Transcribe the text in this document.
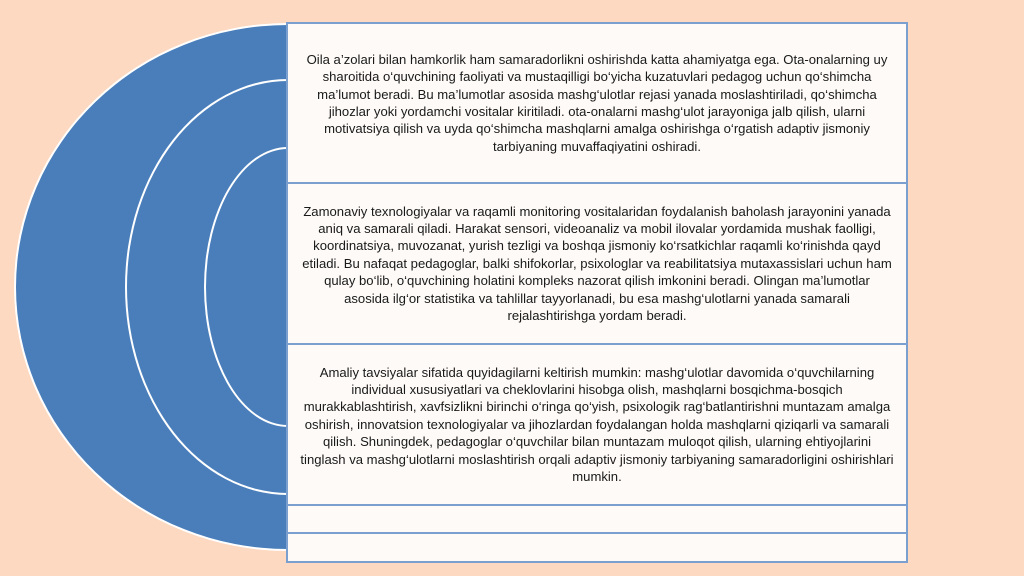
Oila a’zolari bilan hamkorlik ham samaradorlikni oshirishda katta ahamiyatga ega. Ota-onalarning uy sharoitida o‘quvchining faoliyati va mustaqilligi bo‘yicha kuzatuvlari pedagog uchun qo‘shimcha ma’lumot beradi. Bu ma’lumotlar asosida mashg‘ulotlar rejasi yanada moslashtiriladi, qo‘shimcha jihozlar yoki yordamchi vositalar kiritiladi. ota-onalarni mashg‘ulot jarayoniga jalb qilish, ularni motivatsiya qilish va uyda qo‘shimcha mashqlarni amalga oshirishga o‘rgatish adaptiv jismoniy tarbiyaning muvaffaqiyatini oshiradi.

Zamonaviy texnologiyalar va raqamli monitoring vositalaridan foydalanish baholash jarayonini yanada aniq va samarali qiladi. Harakat sensori, videoanaliz va mobil ilovalar yordamida mushak faolligi, koordinatsiya, muvozanat, yurish tezligi va boshqa jismoniy ko‘rsatkichlar raqamli ko‘rinishda qayd etiladi. Bu nafaqat pedagoglar, balki shifokorlar, psixologlar va reabilitatsiya mutaxassislari uchun ham qulay bo‘lib, o‘quvchining holatini kompleks nazorat qilish imkonini beradi. Olingan ma’lumotlar asosida ilg‘or statistika va tahlillar tayyorlanadi, bu esa mashg‘ulotlarni yanada samarali rejalashtirishga yordam beradi.

Amaliy tavsiyalar sifatida quyidagilarni keltirish mumkin: mashg‘ulotlar davomida o‘quvchilarning individual xususiyatlari va cheklovlarini hisobga olish, mashqlarni bosqichma-bosqich murakkablashtirish, xavfsizlikni birinchi o‘ringa qo‘yish, psixologik rag‘batlantirishni muntazam amalga oshirish, innovatsion texnologiyalar va jihozlardan foydalangan holda mashqlarni qiziqarli va samarali qilish. Shuningdek, pedagoglar o‘quvchilar bilan muntazam muloqot qilish, ularning ehtiyojlarini tinglash va mashg‘ulotlarni moslashtirish orqali adaptiv jismoniy tarbiyaning samaradorligini oshirishlari mumkin.
